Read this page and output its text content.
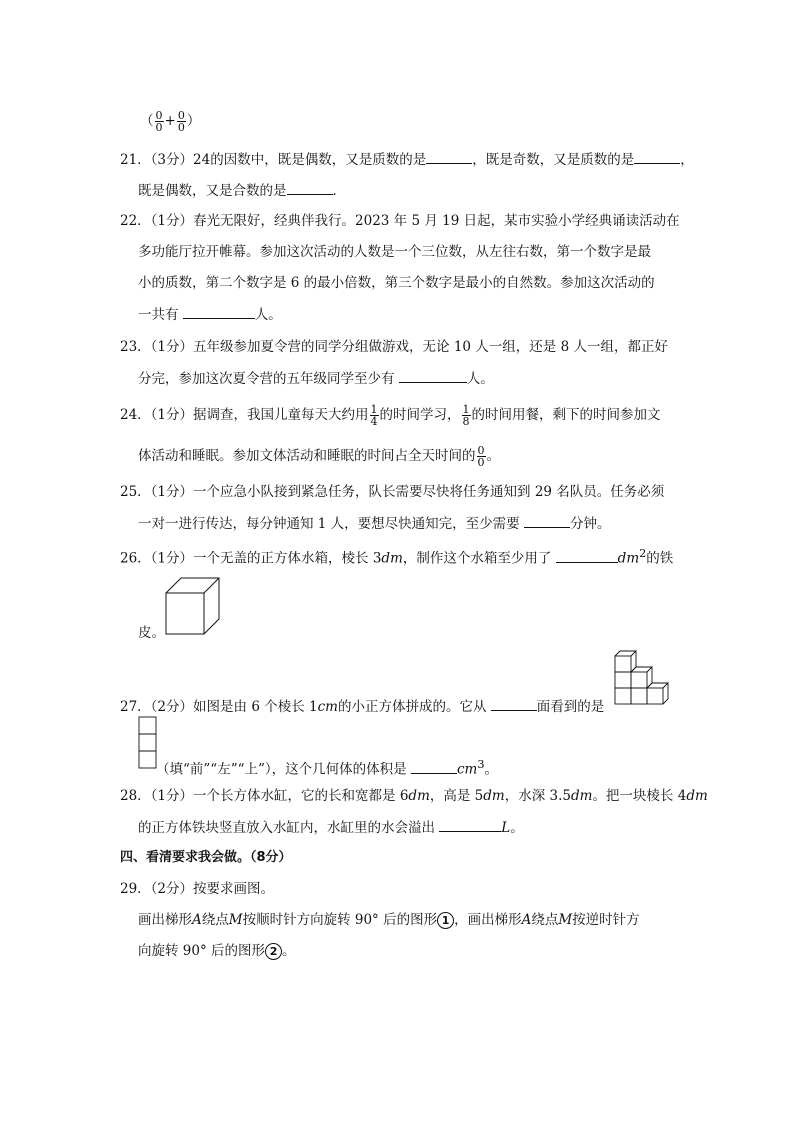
（ $\frac{0}{0} + \frac{0}{0}$ ）
21．（3分）24的因数中，既是偶数，又是质数的是	，既是奇数，又是质数的是	，
既是偶数，又是合数的是	．
22．（1分）春光无限好，经典伴我行。2023 年 5 月 19 日起，某市实验小学经典诵读活动在
多功能厅拉开帷幕。参加这次活动的人数是一个三位数，从左往右数，第一个数字是最
小的质数，第二个数字是 6 的最小倍数，第三个数字是最小的自然数。参加这次活动的
一共有	人。
23．（1分）五年级参加夏令营的同学分组做游戏，无论 10 人一组，还是 8 人一组，都正好
分完，参加这次夏令营的五年级同学至少有	人。
24．（1分）据调查，我国儿童每天大约用 $\frac{1}{4}$ 的时间学习， $\frac{1}{8}$ 的时间用餐，剩下的时间参加文
体活动和睡眠。参加文体活动和睡眠的时间占全天时间的 $\frac{0}{0}$ 。
25．（1分）一个应急小队接到紧急任务，队长需要尽快将任务通知到 29 名队员。任务必须
一对一进行传达，每分钟通知 1 人，要想尽快通知完，至少需要	分钟。
26．（1分）一个无盖的正方体水箱，棱长 3dm，制作这个水箱至少用了	$dm^2$的铁
皮。
27．（2分）如图是由 6 个棱长 1cm的小正方体拼成的。它从	面看到的是
（填“前”“左”“上”），这个几何体的体积是	$cm^3$。
28．（1分）一个长方体水缸，它的长和宽都是 6dm，高是 5dm，水深 3.5dm。把一块棱长 4dm
的正方体铁块竖直放入水缸内，水缸里的水会溢出	L。
四、看清要求我会做。（8分）
29．（2分）按要求画图。
画出梯形A绕点M按顺时针方向旋转 90° 后的图形 1 ，画出梯形A绕点M按逆时针方
向旋转 90° 后的图形 2 。
